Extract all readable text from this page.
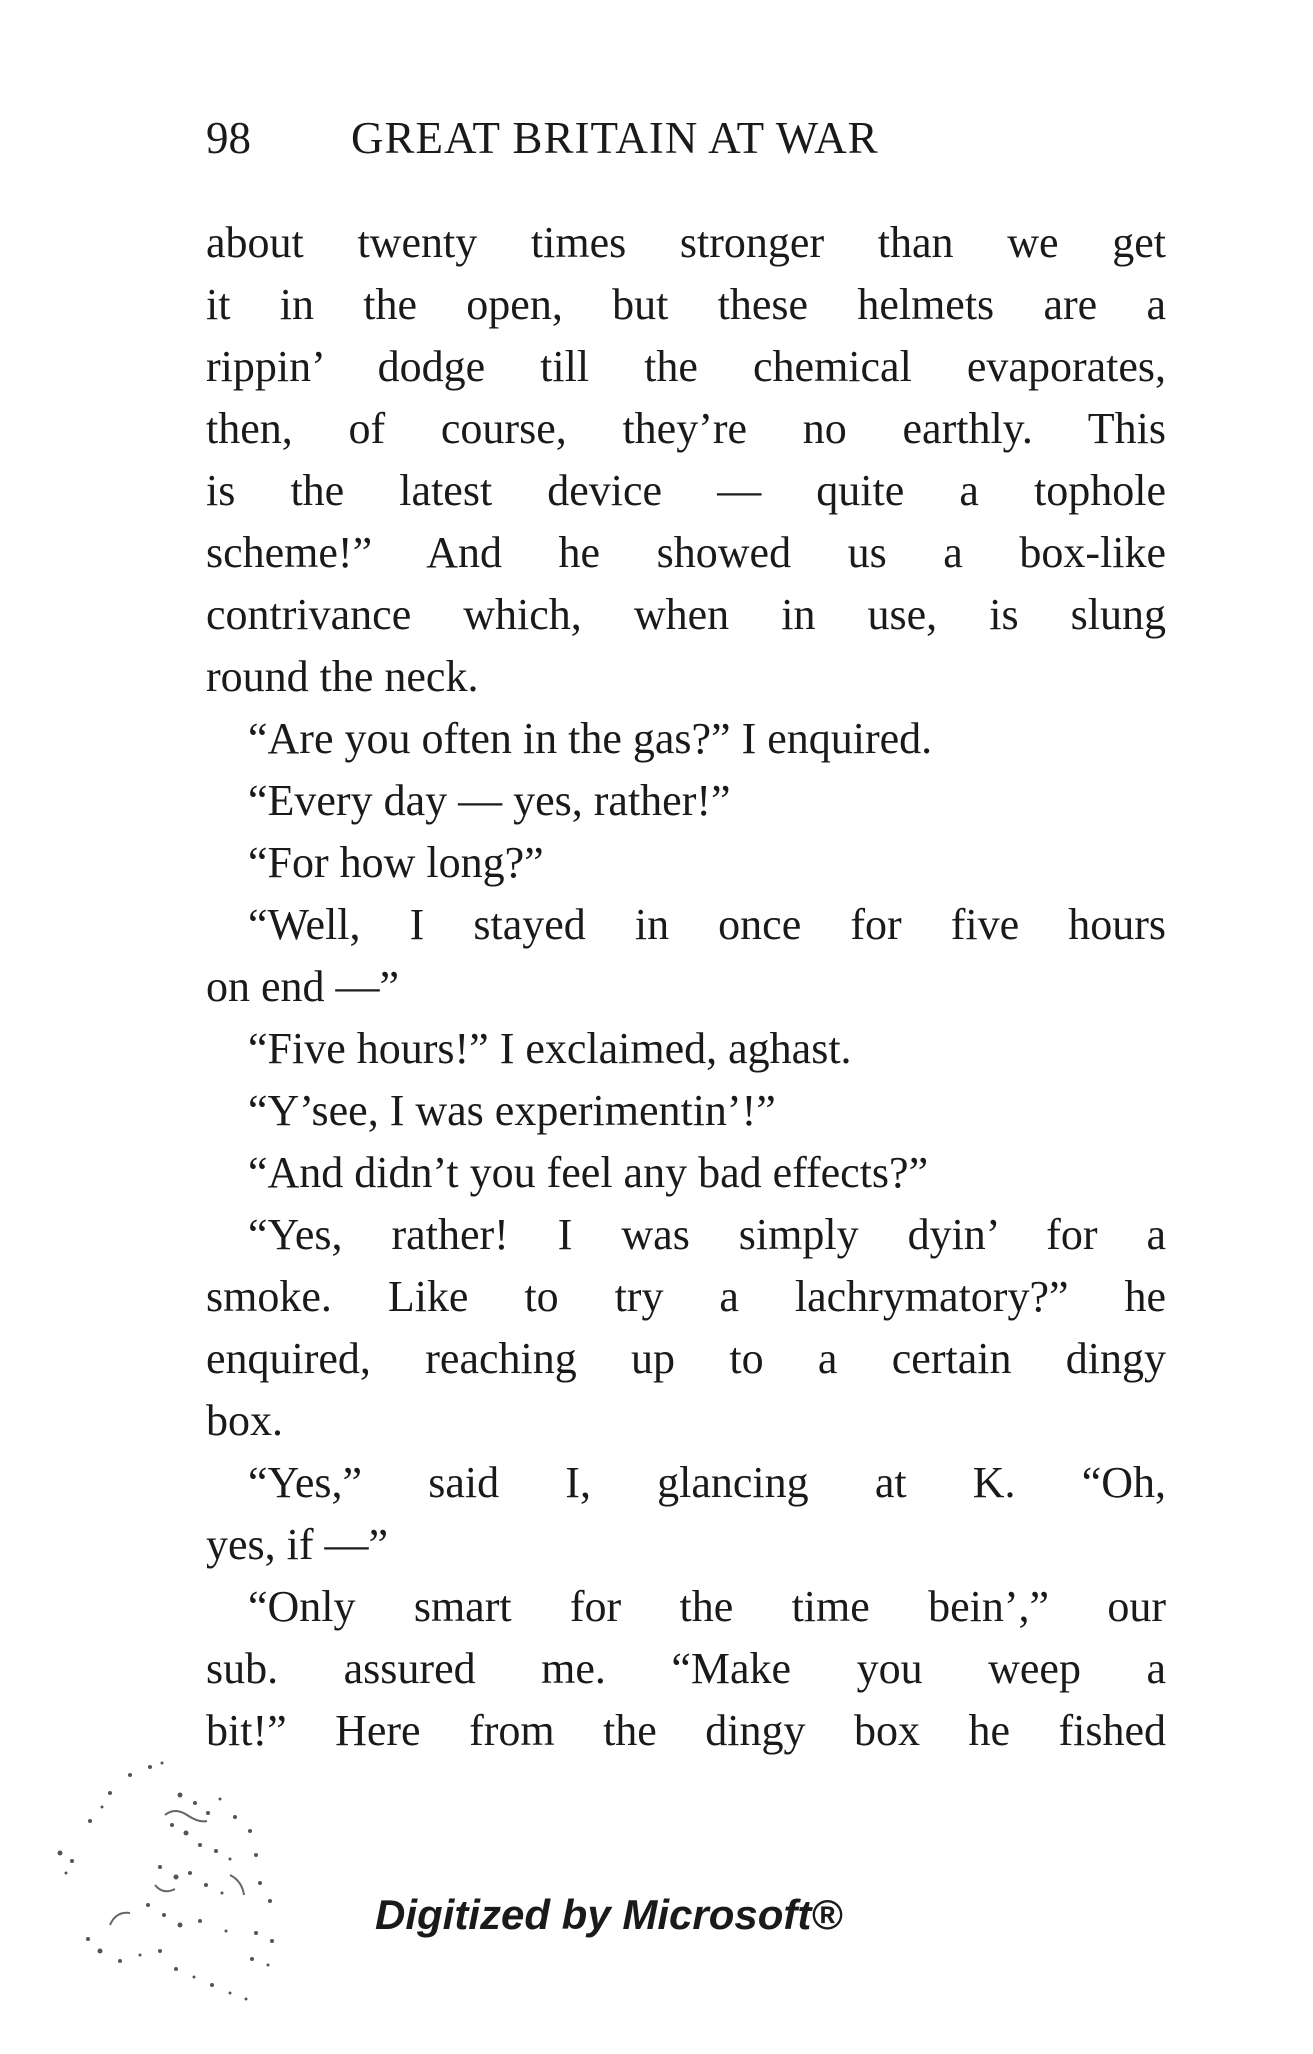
98 GREAT BRITAIN AT WAR
about twenty times stronger than we get
it in the open, but these helmets are a
rippin’ dodge till the chemical evaporates,
then, of course, they’re no earthly. This
is the latest device — quite a tophole
scheme!” And he showed us a box-like
contrivance which, when in use, is slung
round the neck.
“Are you often in the gas?” I enquired.
“Every day — yes, rather!”
“For how long?”
“Well, I stayed in once for five hours
on end —”
“Five hours!” I exclaimed, aghast.
“Y’see, I was experimentin’!”
“And didn’t you feel any bad effects?”
“Yes, rather! I was simply dyin’ for a
smoke. Like to try a lachrymatory?” he
enquired, reaching up to a certain dingy
box.
“Yes,” said I, glancing at K. “Oh,
yes, if —”
“Only smart for the time bein’,” our
sub. assured me. “Make you weep a
bit!” Here from the dingy box he fished
Digitized by Microsoft®
